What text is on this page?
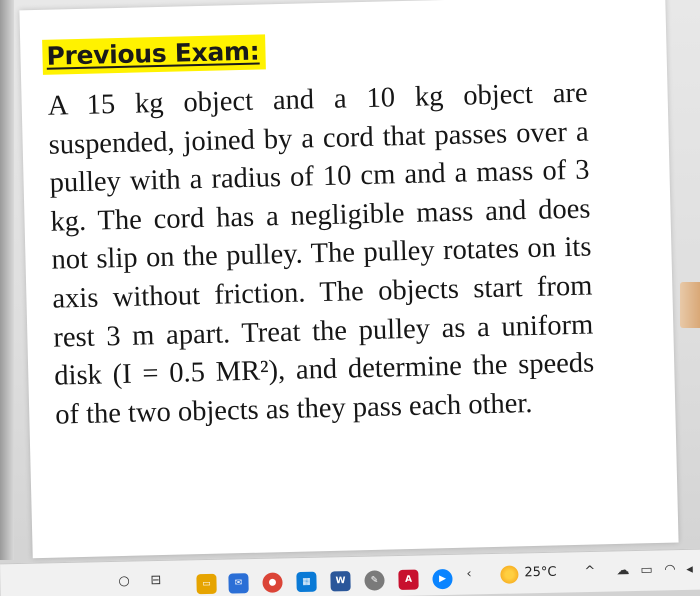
Previous Exam:

A 15 kg object and a 10 kg object are suspended, joined by a cord that passes over a pulley with a radius of 10 cm and a mass of 3 kg. The cord has a negligible mass and does not slip on the pulley. The pulley rotates on its axis without friction. The objects start from rest 3 m apart. Treat the pulley as a uniform disk (I = 0.5 MR²), and determine the speeds of the two objects as they pass each other.

○ ⊟	▭	✉	●	▦	W	✎	A	▶	‹	25°C ^ ☁ ▭ ◠ ◂
